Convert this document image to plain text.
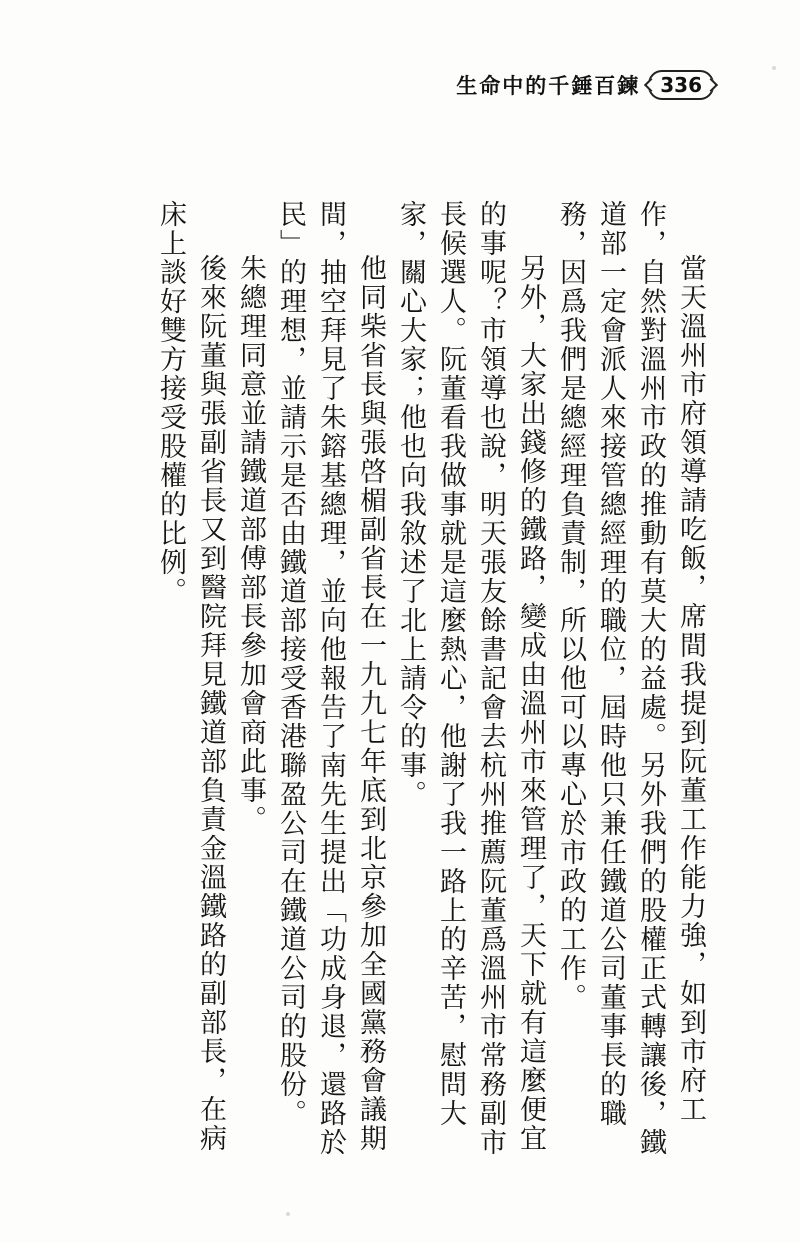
生命中的千錘百鍊 336

當天溫州市府領導請吃飯，席間我提到阮董工作能力強，如到市府工作，自然對溫州市政的推動有莫大的益處。另外我們的股權正式轉讓後，鐵道部一定會派人來接管總經理的職位，屆時他只兼任鐵道公司董事長的職務，因爲我們是總經理負責制，所以他可以專心於市政的工作。

另外，大家出錢修的鐵路，變成由溫州市來管理了，天下就有這麼便宜的事呢？市領導也說，明天張友餘書記會去杭州推薦阮董爲溫州市常務副市長候選人。阮董看我做事就是這麼熱心，他謝了我一路上的辛苦，慰問大家，關心大家；他也向我敘述了北上請令的事。

他同柴省長與張啓楣副省長在一九九七年底到北京參加全國黨務會議期間，抽空拜見了朱鎔基總理，並向他報告了南先生提出「功成身退，還路於民」的理想，並請示是否由鐵道部接受香港聯盈公司在鐵道公司的股份。

朱總理同意並請鐵道部傅部長參加會商此事。

後來阮董與張副省長又到醫院拜見鐵道部負責金溫鐵路的副部長，在病床上談好雙方接受股權的比例。
